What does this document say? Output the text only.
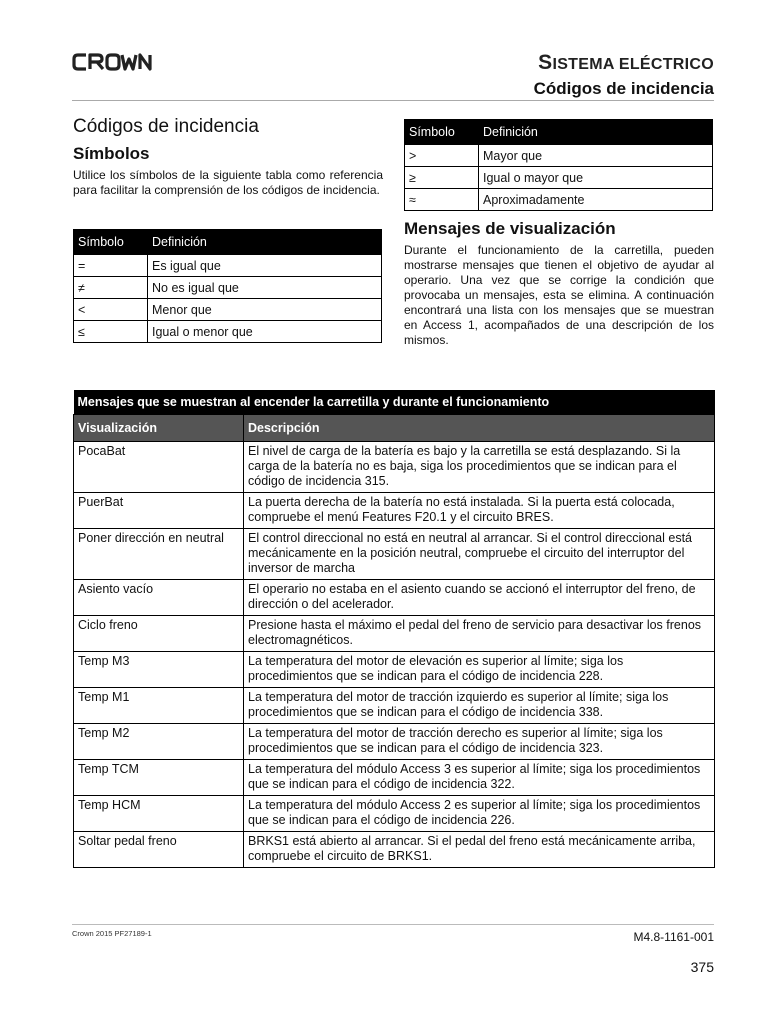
SISTEMA ELÉCTRICO
Códigos de incidencia
Códigos de incidencia
Símbolos

Utilice los símbolos de la siguiente tabla como referencia para facilitar la comprensión de los códigos de incidencia.

Símbolo	Definición
=	Es igual que
≠	No es igual que
<	Menor que
≤	Igual o menor que
Símbolo	Definición
>	Mayor que
≥	Igual o mayor que
≈	Aproximadamente
Mensajes de visualización

Durante el funcionamiento de la carretilla, pueden mostrarse mensajes que tienen el objetivo de ayudar al operario. Una vez que se corrige la condición que provocaba un mensajes, esta se elimina. A continuación encontrará una lista con los mensajes que se muestran en Access 1, acompañados de una descripción de los mismos.

Mensajes que se muestran al encender la carretilla y durante el funcionamiento	
Visualización	Descripción
PocaBat	El nivel de carga de la batería es bajo y la carretilla se está desplazando. Si la carga de la batería no es baja, siga los procedimientos que se indican para el código de incidencia 315.
PuerBat	La puerta derecha de la batería no está instalada. Si la puerta está colocada, compruebe el menú Features F20.1 y el circuito BRES.
Poner dirección en neutral	El control direccional no está en neutral al arrancar. Si el control direccional está mecánicamente en la posición neutral, compruebe el circuito del interruptor del inversor de marcha
Asiento vacío	El operario no estaba en el asiento cuando se accionó el interruptor del freno, de dirección o del acelerador.
Ciclo freno	Presione hasta el máximo el pedal del freno de servicio para desactivar los frenos electromagnéticos.
Temp M3	La temperatura del motor de elevación es superior al límite; siga los procedimientos que se indican para el código de incidencia 228.
Temp M1	La temperatura del motor de tracción izquierdo es superior al límite; siga los procedimientos que se indican para el código de incidencia 338.
Temp M2	La temperatura del motor de tracción derecho es superior al límite; siga los procedimientos que se indican para el código de incidencia 323.
Temp TCM	La temperatura del módulo Access 3 es superior al límite; siga los procedimientos que se indican para el código de incidencia 322.
Temp HCM	La temperatura del módulo Access 2 es superior al límite; siga los procedimientos que se indican para el código de incidencia 226.
Soltar pedal freno	BRKS1 está abierto al arrancar. Si el pedal del freno está mecánicamente arriba, compruebe el circuito de BRKS1.
Crown 2015 PF27189-1	M4.8-1161-001
375
